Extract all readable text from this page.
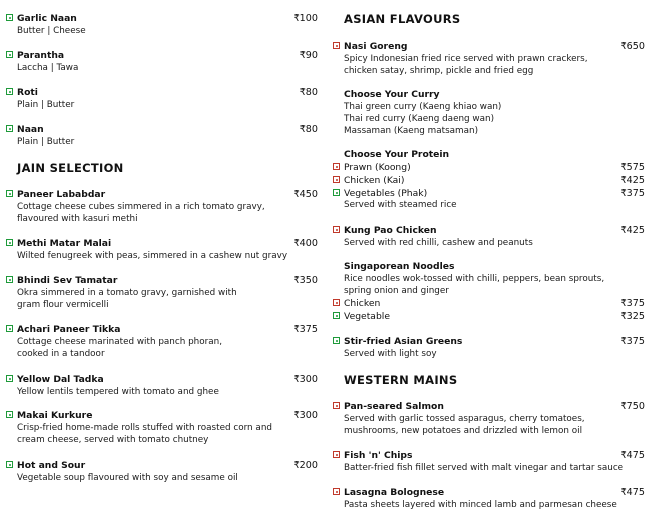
Garlic Naan	₹100
Butter | Cheese
Parantha	₹90
Laccha | Tawa
Roti	₹80
Plain | Butter
Naan	₹80
Plain | Butter
JAIN SELECTION
Paneer Lababdar	₹450
Cottage cheese cubes simmered in a rich tomato gravy,
flavoured with kasuri methi
Methi Matar Malai	₹400
Wilted fenugreek with peas, simmered in a cashew nut gravy
Bhindi Sev Tamatar	₹350
Okra simmered in a tomato gravy, garnished with
gram flour vermicelli
Achari Paneer Tikka	₹375
Cottage cheese marinated with panch phoran,
cooked in a tandoor
Yellow Dal Tadka	₹300
Yellow lentils tempered with tomato and ghee
Makai Kurkure	₹300
Crisp-fried home-made rolls stuffed with roasted corn and
cream cheese, served with tomato chutney
Hot and Sour	₹200
Vegetable soup flavoured with soy and sesame oil
ASIAN FLAVOURS
Nasi Goreng	₹650
Spicy Indonesian fried rice served with prawn crackers,
chicken satay, shrimp, pickle and fried egg
Choose Your Curry
Thai green curry (Kaeng khiao wan)
Thai red curry (Kaeng daeng wan)
Massaman (Kaeng matsaman)
Choose Your Protein
Prawn (Koong)	₹575
Chicken (Kai)	₹425
Vegetables (Phak)	₹375
Served with steamed rice
Kung Pao Chicken	₹425
Served with red chilli, cashew and peanuts
Singaporean Noodles
Rice noodles wok-tossed with chilli, peppers, bean sprouts,
spring onion and ginger
Chicken	₹375
Vegetable	₹325
Stir-fried Asian Greens	₹375
Served with light soy
WESTERN MAINS
Pan-seared Salmon	₹750
Served with garlic tossed asparagus, cherry tomatoes,
mushrooms, new potatoes and drizzled with lemon oil
Fish 'n' Chips	₹475
Batter-fried fish fillet served with malt vinegar and tartar sauce
Lasagna Bolognese	₹475
Pasta sheets layered with minced lamb and parmesan cheese
